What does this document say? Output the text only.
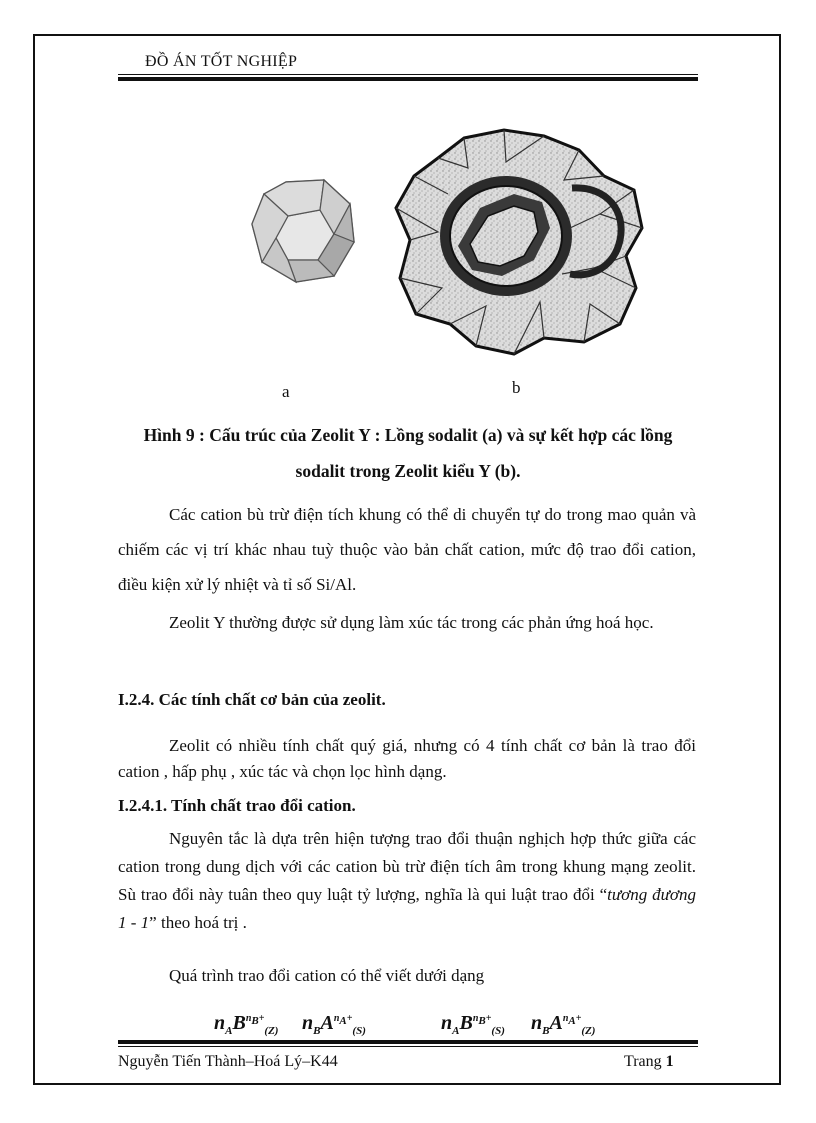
ĐỒ ÁN TỐT NGHIỆP
a	b
Hình 9 : Cấu trúc của Zeolit Y : Lồng sodalit (a) và sự kết hợp các lồng
sodalit trong Zeolit kiểu Y (b).
Các cation bù trừ điện tích khung có thể di chuyển tự do trong mao quản và chiếm các vị trí khác nhau tuỳ thuộc vào bản chất cation, mức độ trao đổi cation, điều kiện xử lý nhiệt và tỉ số Si/Al.
Zeolit Y thường được sử dụng làm xúc tác trong các phản ứng hoá học.
I.2.4. Các tính chất cơ bản của zeolit.
Zeolit có nhiều tính chất quý giá, nhưng có 4 tính chất cơ bản là trao đổi cation , hấp phụ , xúc tác và chọn lọc hình dạng.
I.2.4.1. Tính chất trao đổi cation.
Nguyên tắc là dựa trên hiện tượng trao đổi thuận nghịch hợp thức giữa các cation trong dung dịch với các cation bù trừ điện tích âm trong khung mạng zeolit. Sù trao đổi này tuân theo quy luật tỷ lượng, nghĩa là qui luật trao đổi “tương đương 1 - 1” theo hoá trị .
Quá trình trao đổi cation có thể viết dưới dạng
$n_AB^{n_B+}_{(Z)}$ $n_BA^{n_A+}_{(S)}$	$n_AB^{n_B+}_{(S)}$ $n_BA^{n_A+}_{(Z)}$
Nguyễn Tiến Thành–Hoá Lý–K44	Trang 1
